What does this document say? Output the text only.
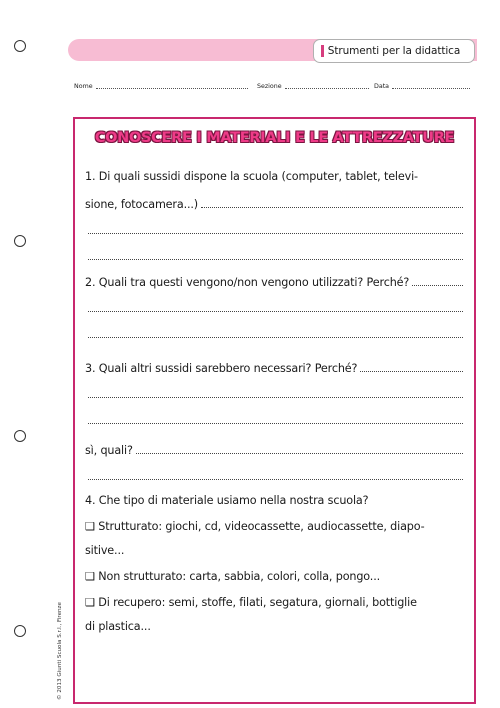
Strumenti per la didattica
Nome	Sezione	Data
CONOSCERE I MATERIALI E LE ATTREZZATURE
1. Di quali sussidi dispone la scuola (computer, tablet, televi-
sione, fotocamera...)
2. Quali tra questi vengono/non vengono utilizzati? Perché?
3. Quali altri sussidi sarebbero necessari? Perché?
sì, quali?
4. Che tipo di materiale usiamo nella nostra scuola?
❑ Strutturato: giochi, cd, videocassette, audiocassette, diapo-
sitive...
❑ Non strutturato: carta, sabbia, colori, colla, pongo...
❑ Di recupero: semi, stoffe, filati, segatura, giornali, bottiglie
di plastica...
© 2013 Giunti Scuola S.r.l., Firenze
